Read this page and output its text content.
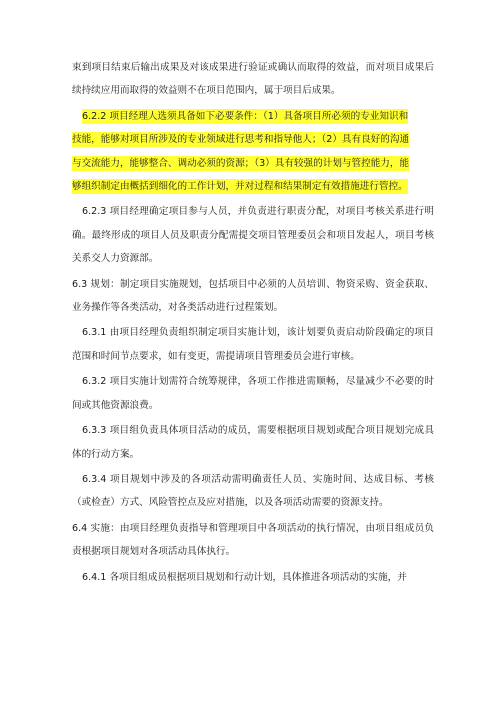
束到项目结束后输出成果及对该成果进行验证或确认而取得的效益，而对项目成果后续持续应用而取得的效益则不在项目范围内，属于项目后成果。

6.2.2 项目经理人选须具备如下必要条件：（1）具备项目所必须的专业知识和
技能，能够对项目所涉及的专业领域进行思考和指导他人；（2）具有良好的沟通
与交流能力，能够整合、调动必须的资源；（3）具有较强的计划与管控能力，能
够组织制定由概括到细化的工作计划，并对过程和结果制定有效措施进行管控。

6.2.3 项目经理确定项目参与人员，并负责进行职责分配，对项目考核关系进行明确。最终形成的项目人员及职责分配需提交项目管理委员会和项目发起人，项目考核关系交人力资源部。

6.3 规划：制定项目实施规划，包括项目中必须的人员培训、物资采购、资金获取、业务操作等各类活动，对各类活动进行过程策划。

6.3.1 由项目经理负责组织制定项目实施计划，该计划要负责启动阶段确定的项目范围和时间节点要求，如有变更，需提请项目管理委员会进行审核。

6.3.2 项目实施计划需符合统筹规律，各项工作推进需顺畅，尽量减少不必要的时间或其他资源浪费。

6.3.3 项目组负责具体项目活动的成员，需要根据项目规划或配合项目规划完成具体的行动方案。

6.3.4 项目规划中涉及的各项活动需明确责任人员、实施时间、达成目标、考核（或检查）方式、风险管控点及应对措施，以及各项活动需要的资源支持。

6.4 实施：由项目经理负责指导和管理项目中各项活动的执行情况，由项目组成员负责根据项目规划对各项活动具体执行。

6.4.1 各项目组成员根据项目规划和行动计划，具体推进各项活动的实施，并
